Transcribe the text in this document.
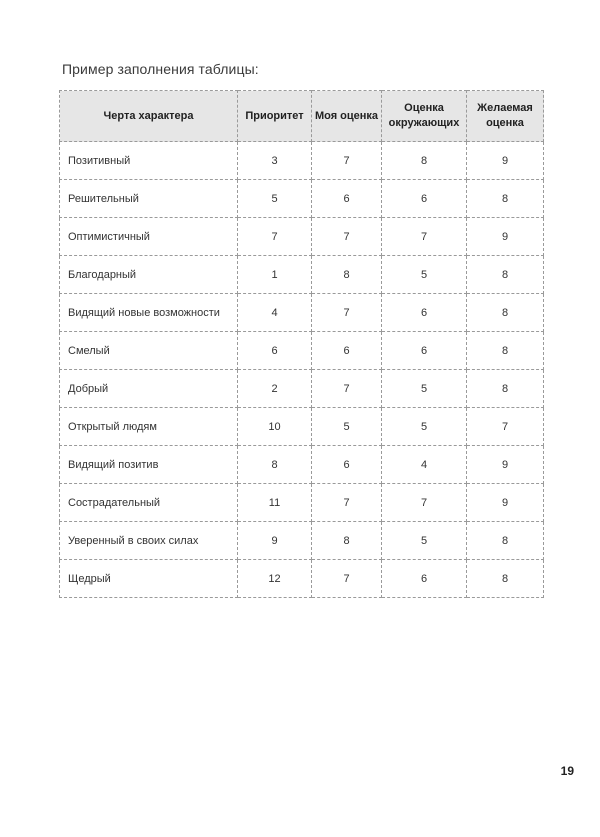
Пример заполнения таблицы:
Черта характера	Приоритет	Моя оценка	Оценка окружающих	Желаемая оценка
Позитивный	3	7	8	9
Решительный	5	6	6	8
Оптимистичный	7	7	7	9
Благодарный	1	8	5	8
Видящий новые возможности	4	7	6	8
Смелый	6	6	6	8
Добрый	2	7	5	8
Открытый людям	10	5	5	7
Видящий позитив	8	6	4	9
Сострадательный	11	7	7	9
Уверенный в своих силах	9	8	5	8
Щедрый	12	7	6	8
19
